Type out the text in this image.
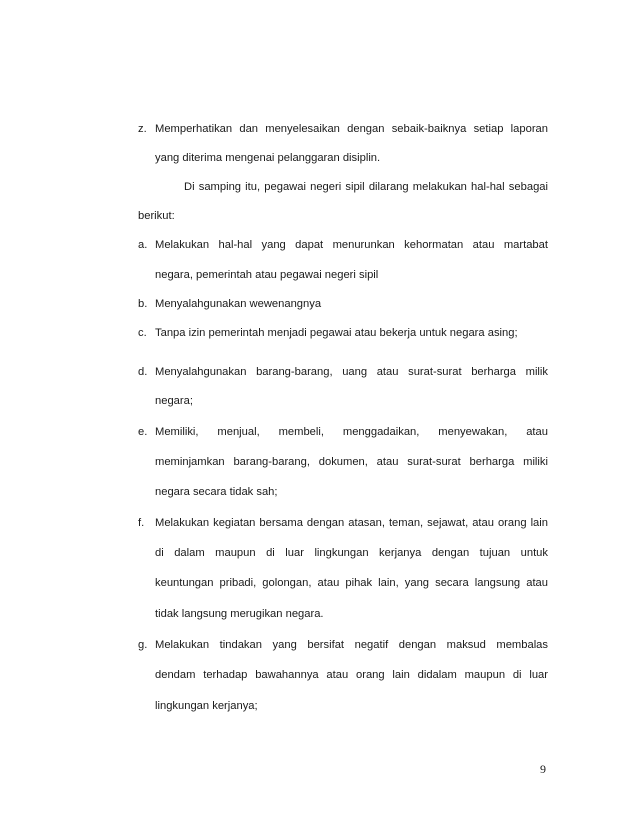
z. Memperhatikan dan menyelesaikan dengan sebaik-baiknya setiap laporan
yang diterima mengenai pelanggaran disiplin.
Di samping itu, pegawai negeri sipil dilarang melakukan hal-hal sebagai
berikut:
a. Melakukan hal-hal yang dapat menurunkan kehormatan atau martabat
negara, pemerintah atau pegawai negeri sipil
b. Menyalahgunakan wewenangnya
c. Tanpa izin pemerintah menjadi pegawai atau bekerja untuk negara asing;
d. Menyalahgunakan barang-barang, uang atau surat-surat berharga milik
negara;
e. Memiliki, menjual, membeli, menggadaikan, menyewakan, atau
meminjamkan barang-barang, dokumen, atau surat-surat berharga miliki
negara secara tidak sah;
f. Melakukan kegiatan bersama dengan atasan, teman, sejawat, atau orang lain
di dalam maupun di luar lingkungan kerjanya dengan tujuan untuk
keuntungan pribadi, golongan, atau pihak lain, yang secara langsung atau
tidak langsung merugikan negara.
g. Melakukan tindakan yang bersifat negatif dengan maksud membalas
dendam terhadap bawahannya atau orang lain didalam maupun di luar
lingkungan kerjanya;
9
